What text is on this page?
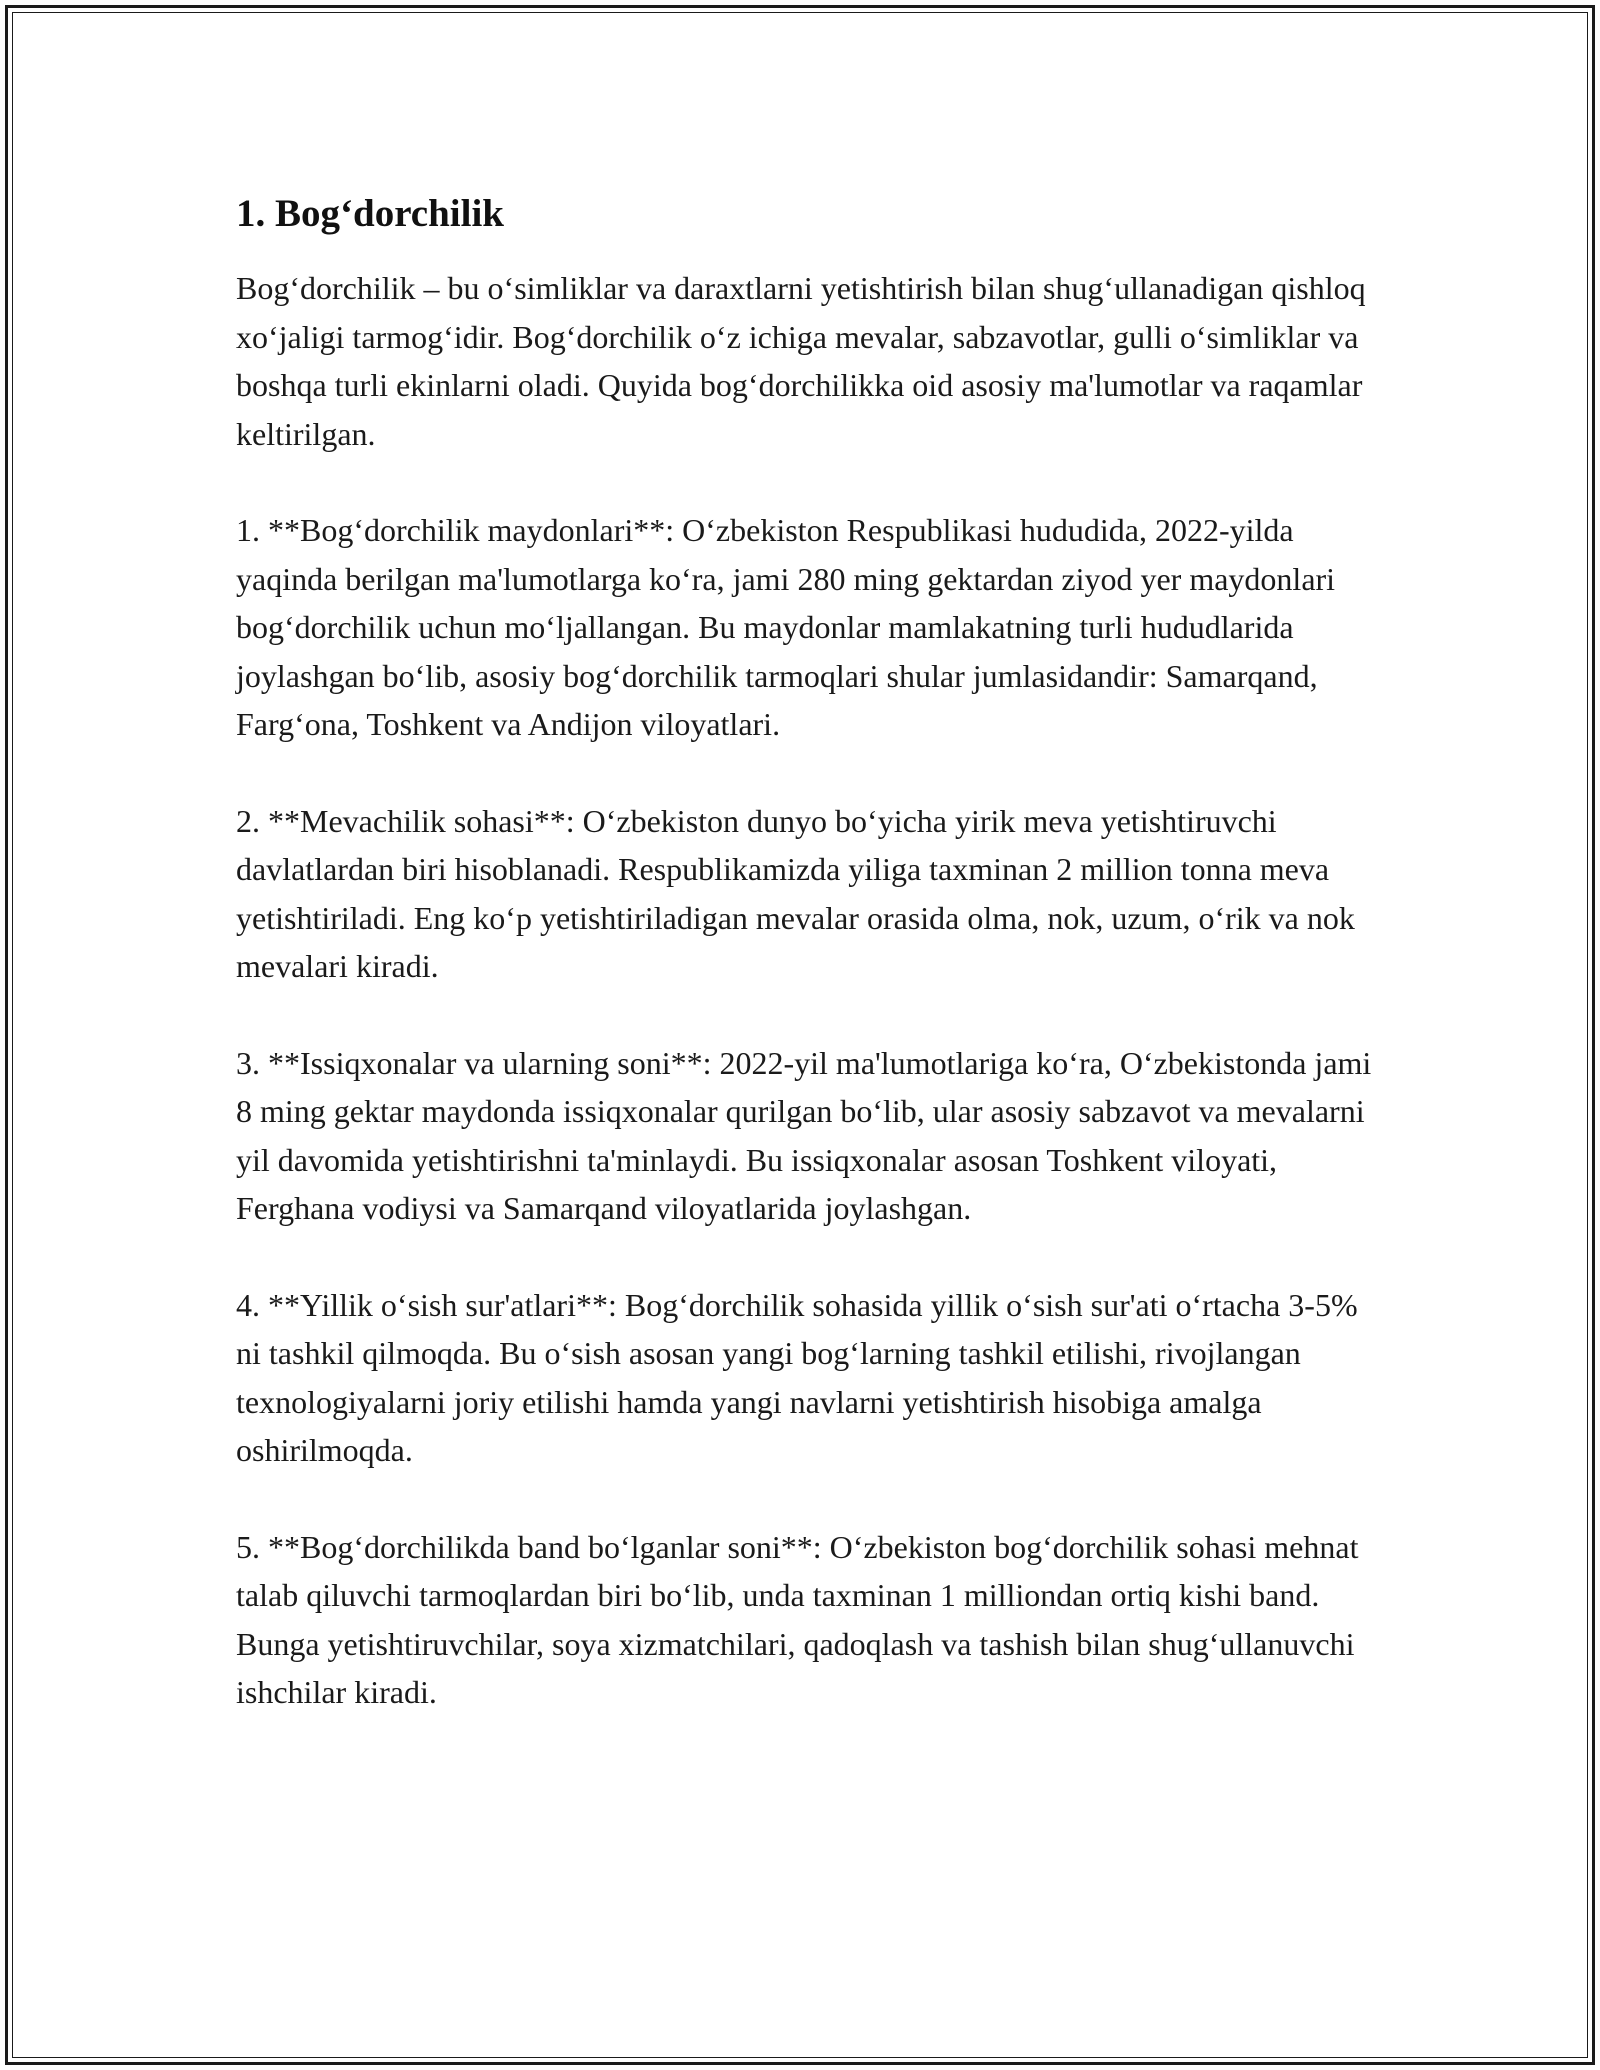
1. Bog‘dorchilik

Bog‘dorchilik – bu o‘simliklar va daraxtlarni yetishtirish bilan shug‘ullanadigan qishloq xo‘jaligi tarmog‘idir. Bog‘dorchilik o‘z ichiga mevalar, sabzavotlar, gulli o‘simliklar va boshqa turli ekinlarni oladi. Quyida bog‘dorchilikka oid asosiy ma'lumotlar va raqamlar keltirilgan.

1. **Bog‘dorchilik maydonlari**: O‘zbekiston Respublikasi hududida, 2022-yilda yaqinda berilgan ma'lumotlarga ko‘ra, jami 280 ming gektardan ziyod yer maydonlari bog‘dorchilik uchun mo‘ljallangan. Bu maydonlar mamlakatning turli hududlarida joylashgan bo‘lib, asosiy bog‘dorchilik tarmoqlari shular jumlasidandir: Samarqand, Farg‘ona, Toshkent va Andijon viloyatlari.

2. **Mevachilik sohasi**: O‘zbekiston dunyo bo‘yicha yirik meva yetishtiruvchi davlatlardan biri hisoblanadi. Respublikamizda yiliga taxminan 2 million tonna meva yetishtiriladi. Eng ko‘p yetishtiriladigan mevalar orasida olma, nok, uzum, o‘rik va nok mevalari kiradi.

3. **Issiqxonalar va ularning soni**: 2022-yil ma'lumotlariga ko‘ra, O‘zbekistonda jami 8 ming gektar maydonda issiqxonalar qurilgan bo‘lib, ular asosiy sabzavot va mevalarni yil davomida yetishtirishni ta'minlaydi. Bu issiqxonalar asosan Toshkent viloyati, Ferghana vodiysi va Samarqand viloyatlarida joylashgan.

4. **Yillik o‘sish sur'atlari**: Bog‘dorchilik sohasida yillik o‘sish sur'ati o‘rtacha 3-5% ni tashkil qilmoqda. Bu o‘sish asosan yangi bog‘larning tashkil etilishi, rivojlangan texnologiyalarni joriy etilishi hamda yangi navlarni yetishtirish hisobiga amalga oshirilmoqda.

5. **Bog‘dorchilikda band bo‘lganlar soni**: O‘zbekiston bog‘dorchilik sohasi mehnat talab qiluvchi tarmoqlardan biri bo‘lib, unda taxminan 1 milliondan ortiq kishi band. Bunga yetishtiruvchilar, soya xizmatchilari, qadoqlash va tashish bilan shug‘ullanuvchi ishchilar kiradi.
